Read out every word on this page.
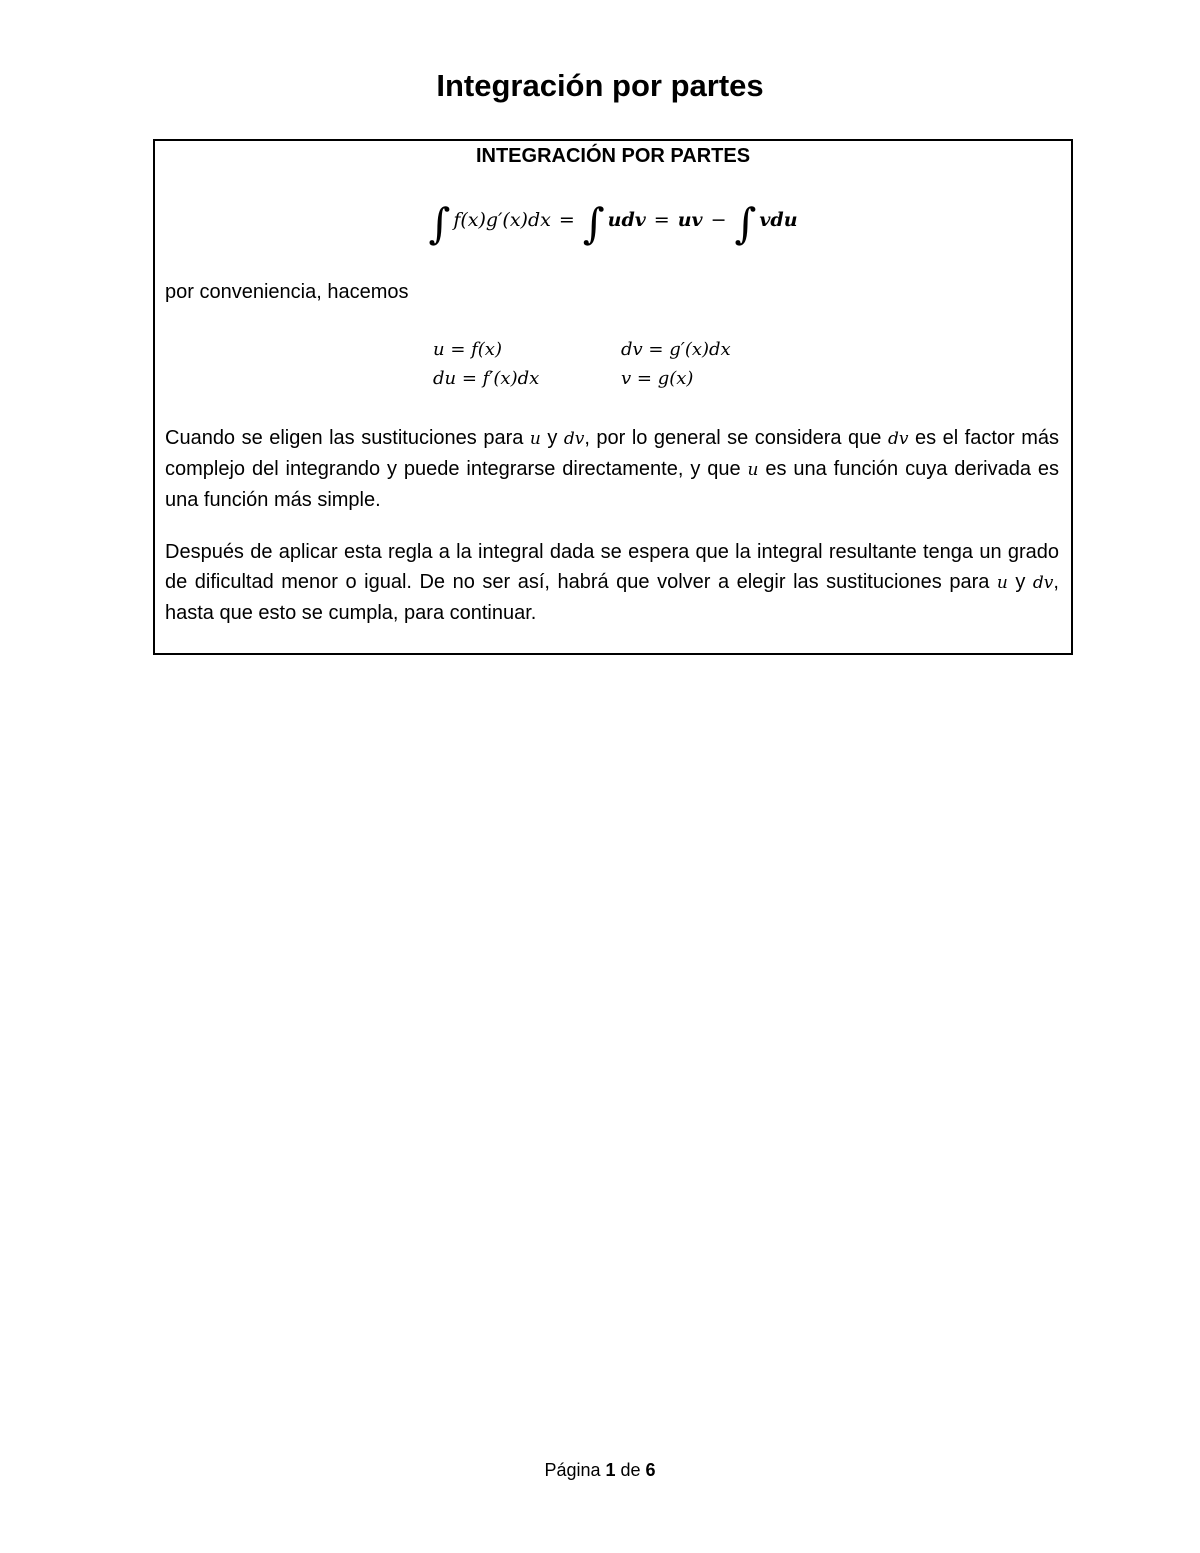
Integración por partes
INTEGRACIÓN POR PARTES
∫ f(x)g′(x)dx = ∫ udv = uv − ∫ vdu
por conveniencia, hacemos
u = f(x)	dv = g′(x)dx
du = f′(x)dx	v = g(x)
Cuando se eligen las sustituciones para u y dv, por lo general se considera que dv es el factor más complejo del integrando y puede integrarse directamente, y que u es una función cuya derivada es una función más simple.
Después de aplicar esta regla a la integral dada se espera que la integral resultante tenga un grado de dificultad menor o igual. De no ser así, habrá que volver a elegir las sustituciones para u y dv, hasta que esto se cumpla, para continuar.
Página 1 de 6
